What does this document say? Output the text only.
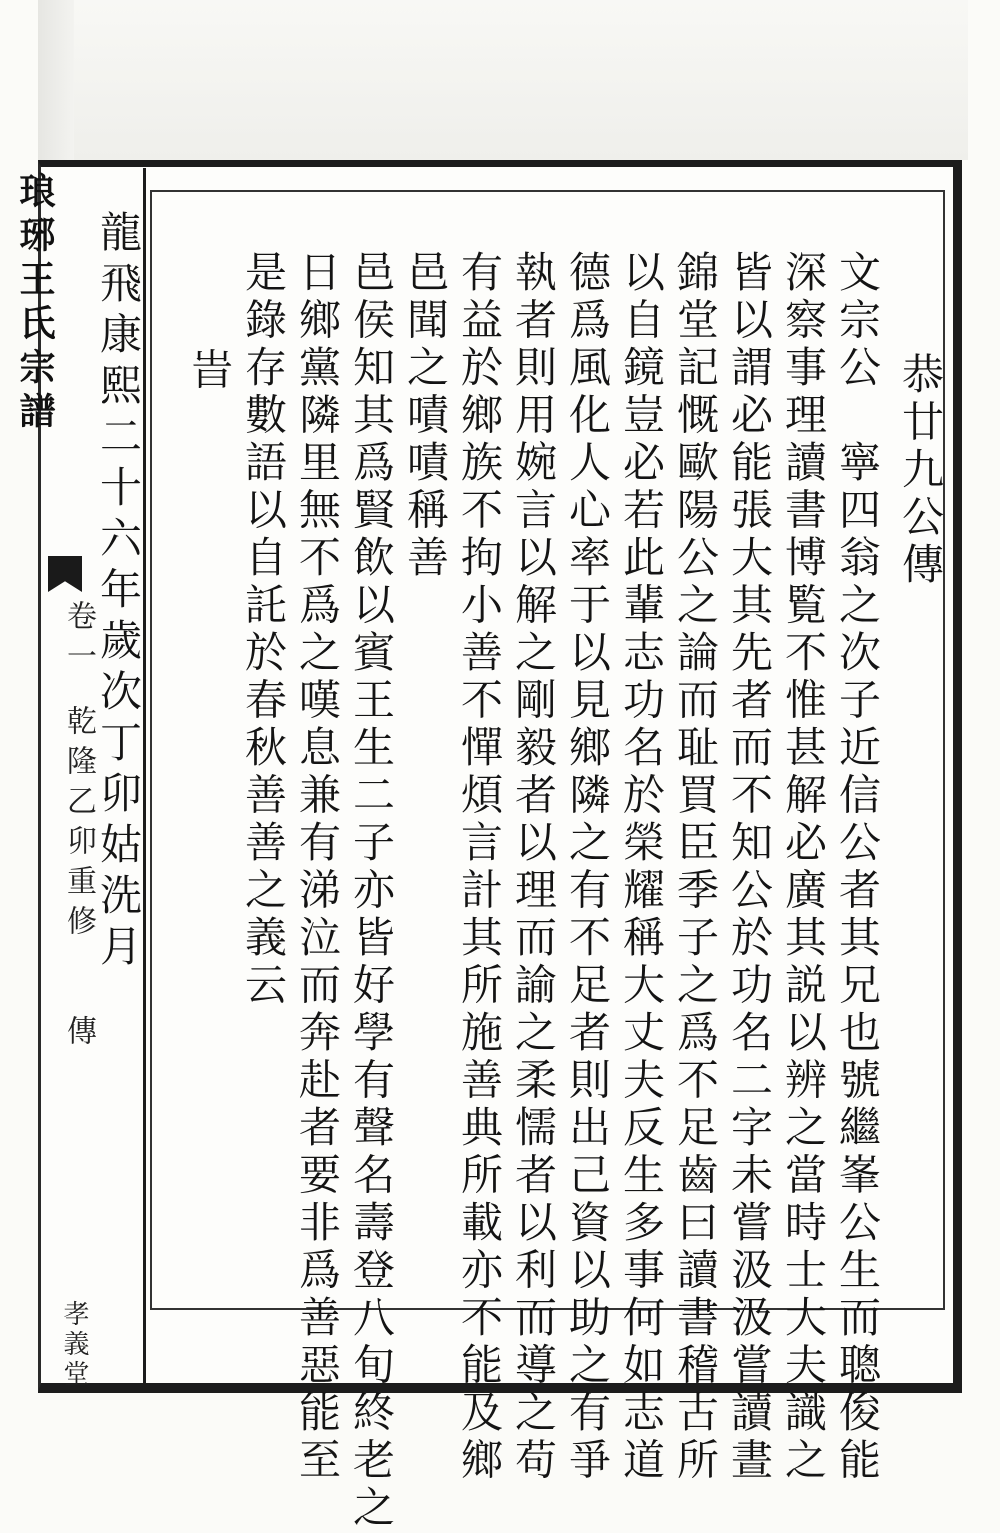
琅琊王氏宗譜
卷一
乾隆乙卯重修
傳
孝義堂
恭廿九公傳
文宗公　寧四翁之次子近信公者其兄也號繼峯公生而聰俊能
深察事理讀書博覧不惟甚解必廣其説以辨之當時士大夫識之
皆以謂必能張大其先者而不知公於功名二字未嘗汲汲嘗讀晝
錦堂記慨歐陽公之論而耻買臣季子之爲不足齒曰讀書稽古所
以自鏡豈必若此輩志功名於榮耀稱大丈夫反生多事何如志道
德爲風化人心率于以見鄉隣之有不足者則出己資以助之有爭
執者則用婉言以解之剛毅者以理而諭之柔懦者以利而導之苟
有益於鄉族不拘小善不憚煩言計其所施善典所載亦不能及鄉
邑聞之嘖嘖稱善
邑侯知其爲賢飲以賓王生二子亦皆好學有聲名壽登八旬終老之
日鄉黨隣里無不爲之嘆息兼有涕泣而奔赴者要非爲善惡能至
是錄存數語以自託於春秋善善之義云
　旹
龍飛康熙二十六年歲次丁卯姑洗月
